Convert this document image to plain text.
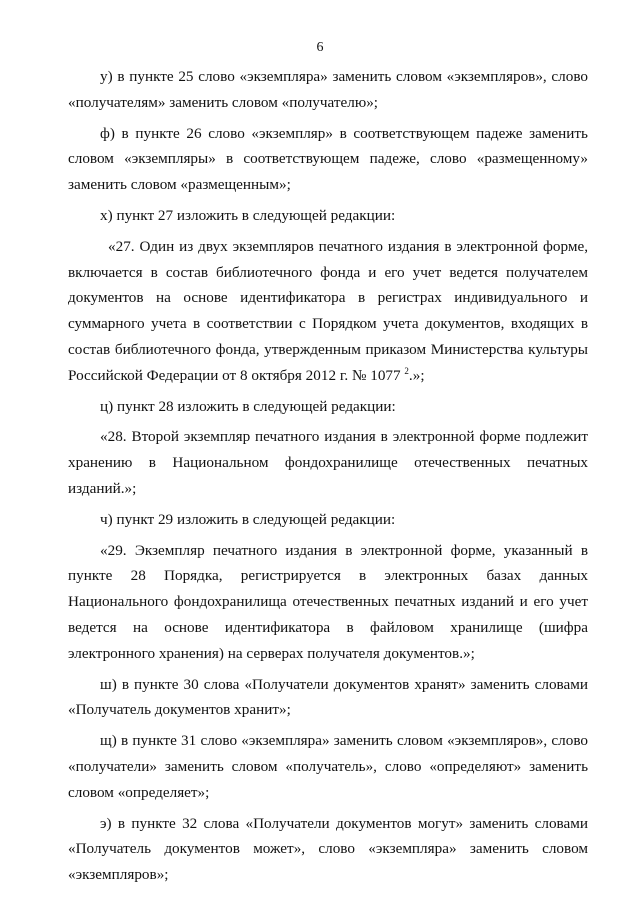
6

у) в пункте 25 слово «экземпляра» заменить словом «экземпляров», слово «получателям» заменить словом «получателю»;

ф) в пункте 26 слово «экземпляр» в соответствующем падеже заменить словом «экземпляры» в соответствующем падеже, слово «размещенному» заменить словом «размещенным»;

х) пункт 27 изложить в следующей редакции:

«27. Один из двух экземпляров печатного издания в электронной форме, включается в состав библиотечного фонда и его учет ведется получателем документов на основе идентификатора в регистрах индивидуального и суммарного учета в соответствии с Порядком учета документов, входящих в состав библиотечного фонда, утвержденным приказом Министерства культуры Российской Федерации от 8 октября 2012 г. № 1077 $^2$.»;

ц) пункт 28 изложить в следующей редакции:

«28. Второй экземпляр печатного издания в электронной форме подлежит хранению в Национальном фондохранилище отечественных печатных изданий.»;

ч) пункт 29 изложить в следующей редакции:

«29. Экземпляр печатного издания в электронной форме, указанный в пункте 28 Порядка, регистрируется в электронных базах данных Национального фондохранилища отечественных печатных изданий и его учет ведется на основе идентификатора в файловом хранилище (шифра электронного хранения) на серверах получателя документов.»;

ш) в пункте 30 слова «Получатели документов хранят» заменить словами «Получатель документов хранит»;

щ) в пункте 31 слово «экземпляра» заменить словом «экземпляров», слово «получатели» заменить словом «получатель», слово «определяют» заменить словом «определяет»;

э) в пункте 32 слова «Получатели документов могут» заменить словами «Получатель документов может», слово «экземпляра» заменить словом «экземпляров»;
